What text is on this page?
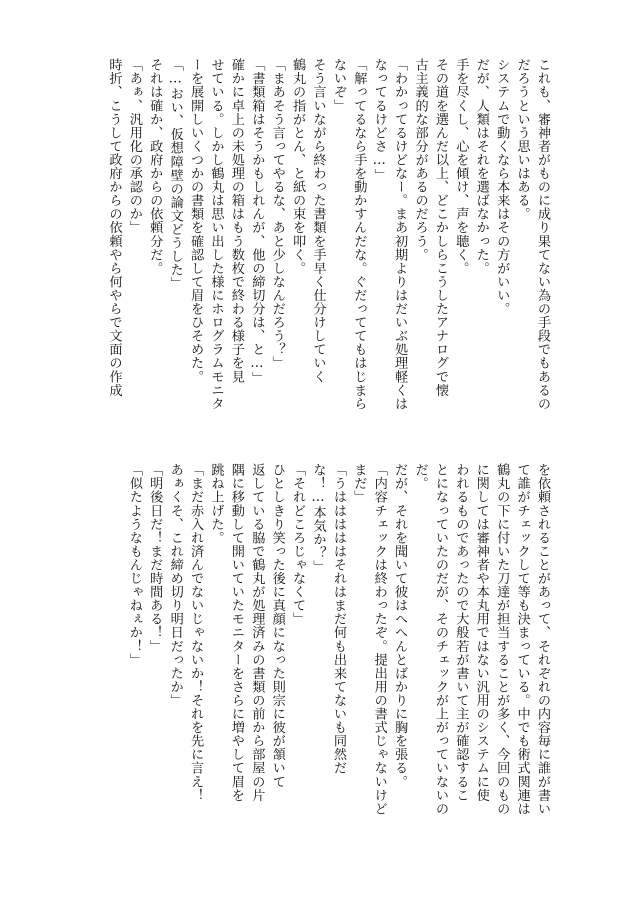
これも、審神者がものに成り果てない為の手段でもあるの
だろうという思いはある。
システムで動くなら本来はその方がいい。
だが、人類はそれを選ばなかった。
手を尽くし、心を傾け、声を聴く。
その道を選んだ以上、どこかしらこうしたアナログで懐
古主義的な部分があるのだろう。
「わかってるけどなー。まあ初期よりはだいぶ処理軽くは
なってるけどさ…」
「解ってるなら手を動かすんだな。ぐだっててもはじまら
ないぞ」
そう言いながら終わった書類を手早く仕分けしていく
鶴丸の指がとん、と紙の束を叩く。
「まあそう言ってやるな、あと少しなんだろう？」
「書類箱はそうかもしれんが、他の締切分は、と…」
確かに卓上の未処理の箱はもう数枚で終わる様子を見
せている。しかし鶴丸は思い出した様にホログラムモニタ
ーを展開しいくつかの書類を確認して眉をひそめた。
「…おい、仮想障壁の論文どうした」
それは確か、政府からの依頼分だ。
「あぁ、汎用化の承認のか」
時折、こうして政府からの依頼やら何やらで文面の作成
を依頼されることがあって、それぞれの内容毎に誰が書い
て誰がチェックして等も決まっている。中でも術式関連は
鶴丸の下に付いた刀達が担当することが多く、今回のもの
に関しては審神者や本丸用ではない汎用のシステムに使
われるものであったので大般若が書いて主が確認するこ
とになっていたのだが、そのチェックが上がっていないの
だ。
だが、それを聞いて彼はへへんとばかりに胸を張る。
「内容チェックは終わったぞ。提出用の書式じゃないけど
まだ」
「うはははははそれはまだ何も出来てないも同然だ
な！…本気か？」
「それどころじゃなくて」
ひとしきり笑った後に真顔になった則宗に彼が頷いて
返している脇で鶴丸が処理済みの書類の前から部屋の片
隅に移動して開いていたモニターをさらに増やして眉を
跳ね上げた。
「まだ赤入れ済んでないじゃないか！それを先に言え！
あぁくそ、これ締め切り明日だったか」
「明後日だ！まだ時間ある！」
「似たようなもんじゃねぇか！」
